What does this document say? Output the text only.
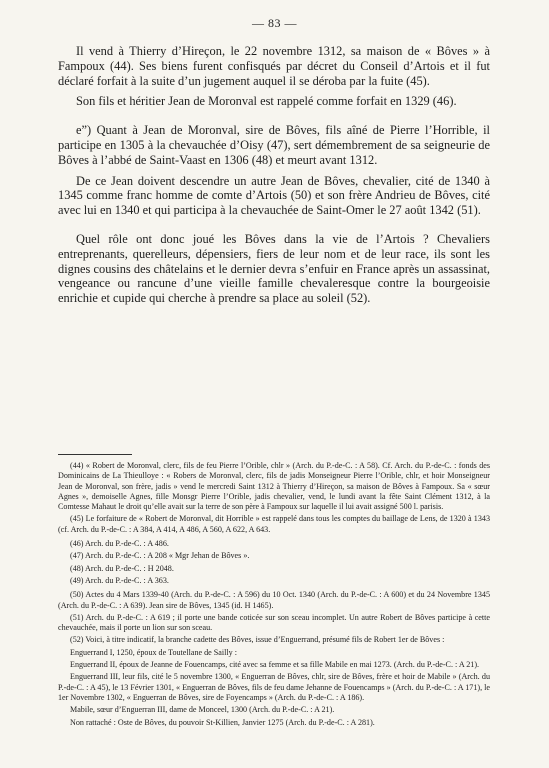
— 83 —

Il vend à Thierry d’Hireçon, le 22 novembre 1312, sa maison de « Bôves » à Fampoux (44). Ses biens furent confisqués par décret du Conseil d’Artois et il fut déclaré forfait à la suite d’un jugement auquel il se déroba par la fuite (45).

Son fils et héritier Jean de Moronval est rappelé comme forfait en 1329 (46).

e”) Quant à Jean de Moronval, sire de Bôves, fils aîné de Pierre l’Horrible, il participe en 1305 à la chevauchée d’Oisy (47), sert démembrement de sa seigneurie de Bôves à l’abbé de Saint-Vaast en 1306 (48) et meurt avant 1312.

De ce Jean doivent descendre un autre Jean de Bôves, chevalier, cité de 1340 à 1345 comme franc homme de comte d’Artois (50) et son frère Andrieu de Bôves, cité avec lui en 1340 et qui participa à la chevauchée de Saint-Omer le 27 août 1342 (51).

Quel rôle ont donc joué les Bôves dans la vie de l’Artois ? Chevaliers entreprenants, querelleurs, dépensiers, fiers de leur nom et de leur race, ils sont les dignes cousins des châtelains et le dernier devra s’enfuir en France après un assassinat, vengeance ou rancune d’une vieille famille chevaleresque contre la bourgeoisie enrichie et cupide qui cherche à prendre sa place au soleil (52).

(44) « Robert de Moronval, clerc, fils de feu Pierre l’Orible, chlr » (Arch. du P.-de-C. : A 58). Cf. Arch. du P.-de-C. : fonds des Dominicains de La Thieulloye : « Robers de Moronval, clerc, fils de jadis Monseigneur Pierre l’Orible, chlr, et hoir Monseigneur Jean de Moronval, son frère, jadis » vend le mercredi Saint 1312 à Thierry d’Hireçon, sa maison de Bôves à Fampoux. Sa « sœur Agnes », demoiselle Agnes, fille Monsgr Pierre l’Orible, jadis chevalier, vend, le lundi avant la fête Saint Clément 1312, à la Comtesse Mahaut le droit qu’elle avait sur la terre de son père à Fampoux sur laquelle il lui avait assigné 500 l. parisis.

(45) Le forfaiture de « Robert de Moronval, dit Horrible » est rappelé dans tous les comptes du baillage de Lens, de 1320 à 1343 (cf. Arch. du P.-de-C. : A 384, A 414, A 486, A 560, A 622, A 643.

(46) Arch. du P.-de-C. : A 486.

(47) Arch. du P.-de-C. : A 208 « Mgr Jehan de Bôves ».

(48) Arch. du P.-de-C. : H 2048.

(49) Arch. du P.-de-C. : A 363.

(50) Actes du 4 Mars 1339-40 (Arch. du P.-de-C. : A 596) du 10 Oct. 1340 (Arch. du P.-de-C. : A 600) et du 24 Novembre 1345 (Arch. du P.-de-C. : A 639). Jean sire de Bôves, 1345 (id. H 1465).

(51) Arch. du P.-de-C. : A 619 ; il porte une bande coticée sur son sceau incomplet. Un autre Robert de Bôves participe à cette chevauchée, mais il porte un lion sur son sceau.

(52) Voici, à titre indicatif, la branche cadette des Bôves, issue d’Enguerrand, présumé fils de Robert 1er de Bôves :

Enguerrand I, 1250, époux de Toutellane de Sailly :

Enguerrand II, époux de Jeanne de Fouencamps, cité avec sa femme et sa fille Mabile en mai 1273. (Arch. du P.-de-C. : A 21).

Enguerrand III, leur fils, cité le 5 novembre 1300, « Enguerran de Bôves, chlr, sire de Bôves, frère et hoir de Mabile » (Arch. du P.-de-C. : A 45), le 13 Février 1301, « Enguerran de Bôves, fils de feu dame Jehanne de Fouencamps » (Arch. du P.-de-C. : A 171), le 1er Novembre 1302, « Enguerran de Bôves, sire de Foyencamps » (Arch. du P.-de-C. : A 186).

Mabile, sœur d’Enguerran III, dame de Monceel, 1300 (Arch. du P.-de-C. : A 21).

Non rattaché : Oste de Bôves, du pouvoir St-Killien, Janvier 1275 (Arch. du P.-de-C. : A 281).
